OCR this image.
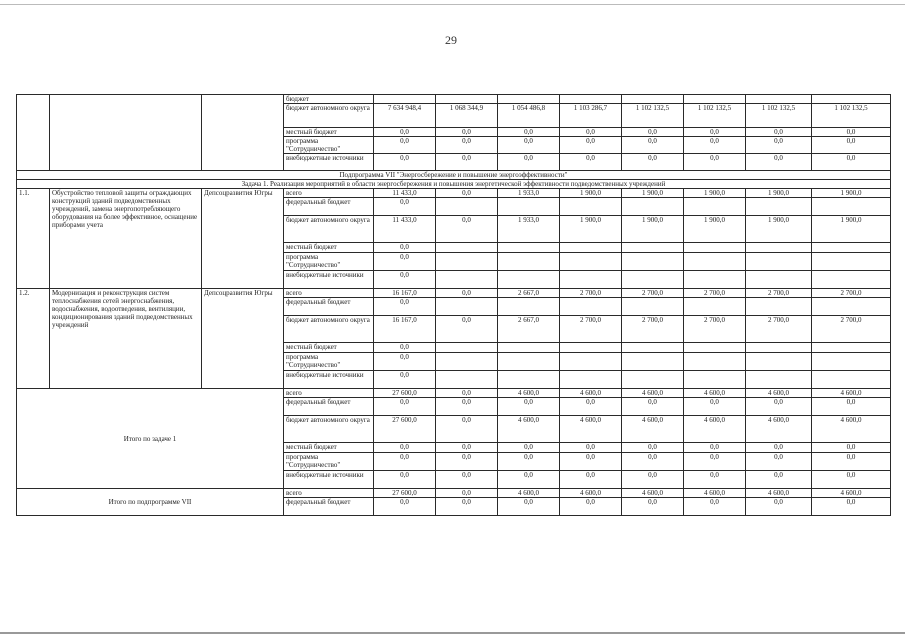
29
			бюджет								
			бюджет автономного округа	7 634 948,4	1 068 344,9	1 054 486,8	1 103 286,7	1 102 132,5	1 102 132,5	1 102 132,5	1 102 132,5
			местный бюджет	0,0	0,0	0,0	0,0	0,0	0,0	0,0	0,0
			программа "Сотрудничество"	0,0	0,0	0,0	0,0	0,0	0,0	0,0	0,0
			внебюджетные источники	0,0	0,0	0,0	0,0	0,0	0,0	0,0	0,0
Подпрограмма VII "Энергосбережение и повышение энергоэффективности"											
Задача 1. Реализация мероприятий в области энергосбережения и повышения энергетической эффективности подведомственных учреждений											
1.1.	Обустройство тепловой защиты ограждающих конструкций зданий подведомственных учреждений, замена энергопотребляющего оборудования на более эффективное, оснащение приборами учета	Депсоцразвития Югры	всего	11 433,0	0,0	1 933,0	1 900,0	1 900,0	1 900,0	1 900,0	1 900,0
			федеральный бюджет	0,0							
			бюджет автономного округа	11 433,0	0,0	1 933,0	1 900,0	1 900,0	1 900,0	1 900,0	1 900,0
			местный бюджет	0,0							
			программа "Сотрудничество"	0,0							
			внебюджетные источники	0,0							
1.2.	Модернизация и реконструкция систем теплоснабжения сетей энергоснабжения, водоснабжения, водоотведения, вентиляции, кондиционирования зданий подведомственных учреждений	Депсоцразвития Югры	всего	16 167,0	0,0	2 667,0	2 700,0	2 700,0	2 700,0	2 700,0	2 700,0
			федеральный бюджет	0,0							
			бюджет автономного округа	16 167,0	0,0	2 667,0	2 700,0	2 700,0	2 700,0	2 700,0	2 700,0
			местный бюджет	0,0							
			программа "Сотрудничество"	0,0							
			внебюджетные источники	0,0							
Итого по задаче 1			всего	27 600,0	0,0	4 600,0	4 600,0	4 600,0	4 600,0	4 600,0	4 600,0
			федеральный бюджет	0,0	0,0	0,0	0,0	0,0	0,0	0,0	0,0
			бюджет автономного округа	27 600,0	0,0	4 600,0	4 600,0	4 600,0	4 600,0	4 600,0	4 600,0
			местный бюджет	0,0	0,0	0,0	0,0	0,0	0,0	0,0	0,0
			программа "Сотрудничество"	0,0	0,0	0,0	0,0	0,0	0,0	0,0	0,0
			внебюджетные источники	0,0	0,0	0,0	0,0	0,0	0,0	0,0	0,0
Итого по подпрограмме VII			всего	27 600,0	0,0	4 600,0	4 600,0	4 600,0	4 600,0	4 600,0	4 600,0
			федеральный бюджет	0,0	0,0	0,0	0,0	0,0	0,0	0,0	0,0
